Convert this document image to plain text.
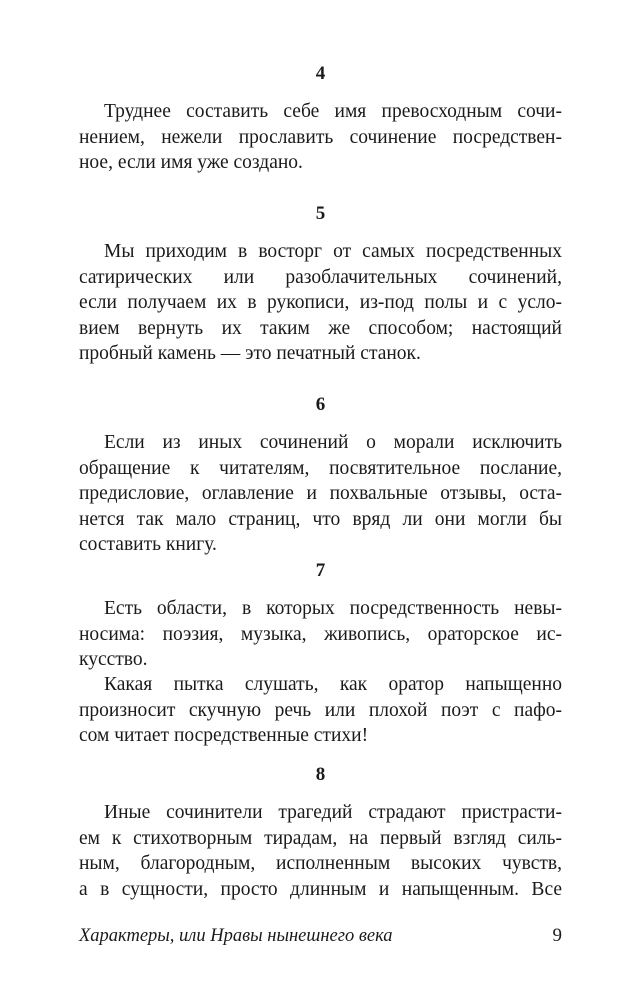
4
Труднее составить себе имя превосходным сочи-
нением, нежели прославить сочинение посредствен-
ное, если имя уже создано.
5
Мы приходим в восторг от самых посредственных
сатирических или разоблачительных сочинений,
если получаем их в рукописи, из-под полы и с усло-
вием вернуть их таким же способом; настоящий
пробный камень — это печатный станок.
6
Если из иных сочинений о морали исключить
обращение к читателям, посвятительное послание,
предисловие, оглавление и похвальные отзывы, оста-
нется так мало страниц, что вряд ли они могли бы
составить книгу.
7
Есть области, в которых посредственность невы-
носима: поэзия, музыка, живопись, ораторское ис-
кусство.
Какая пытка слушать, как оратор напыщенно
произносит скучную речь или плохой поэт с пафо-
сом читает посредственные стихи!
8
Иные сочинители трагедий страдают пристрасти-
ем к стихотворным тирадам, на первый взгляд силь-
ным, благородным, исполненным высоких чувств,
а в сущности, просто длинным и напыщенным. Все
Характеры, или Нравы нынешнего века	9
